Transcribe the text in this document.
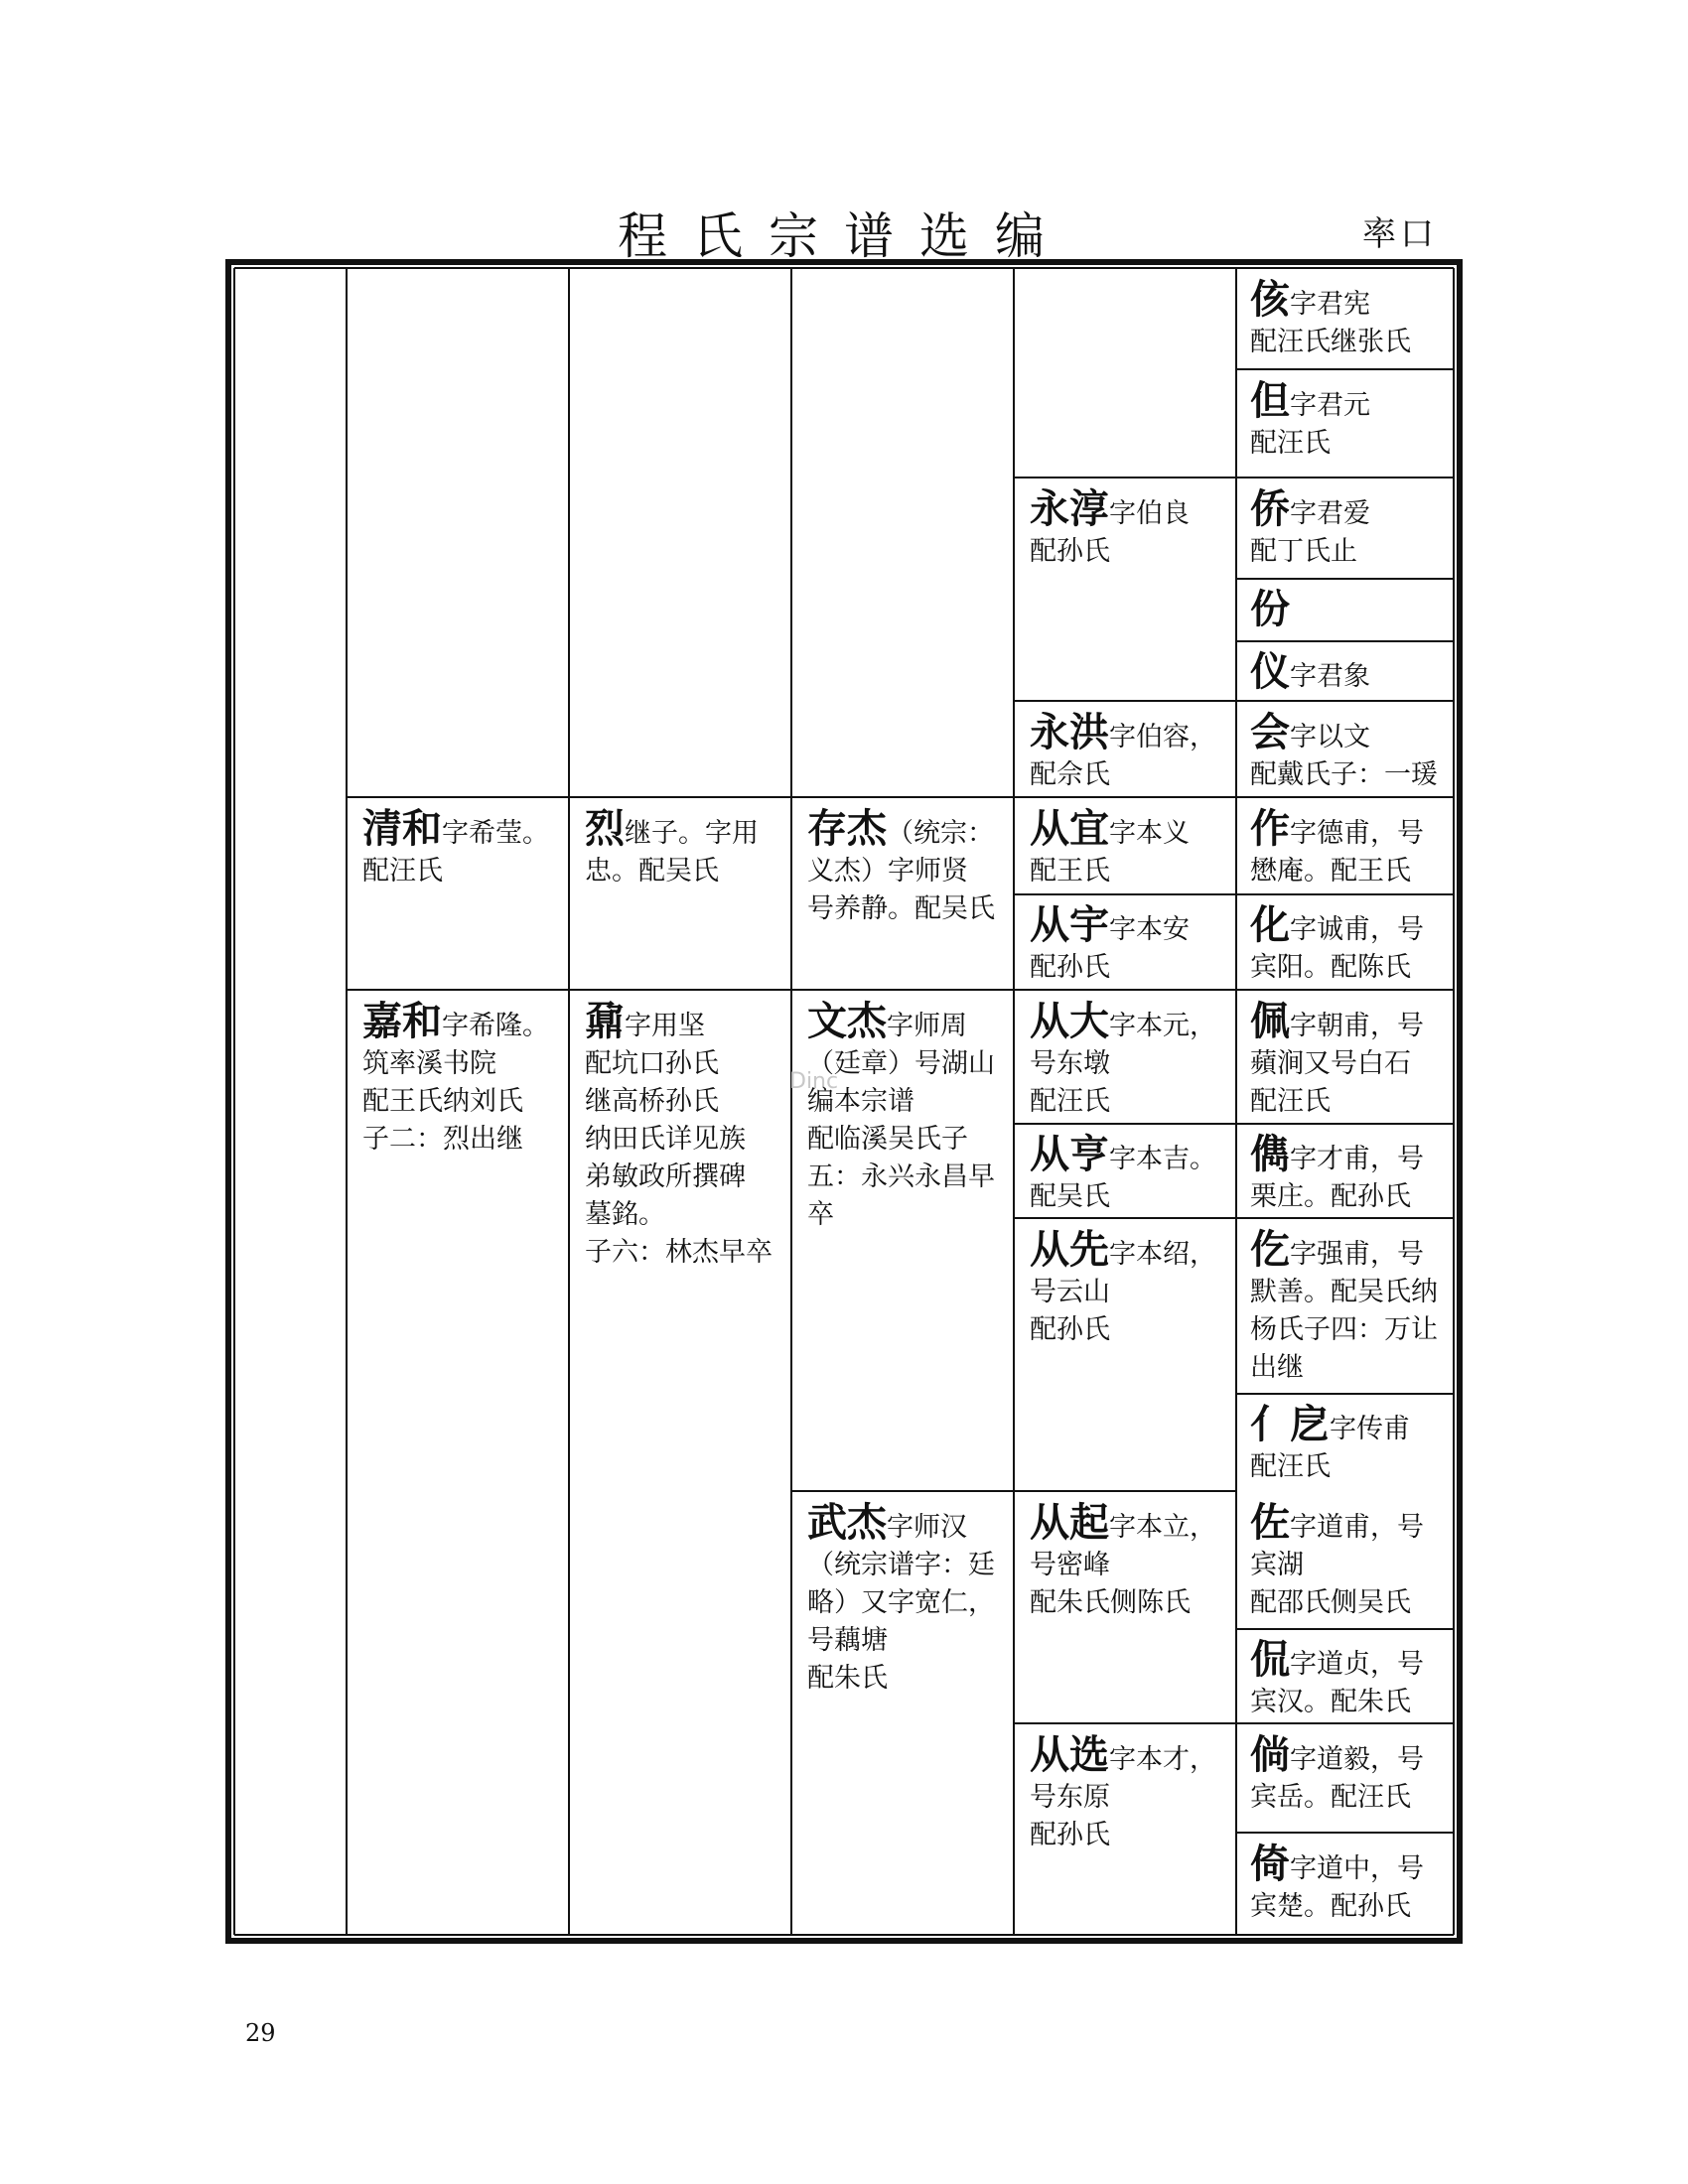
程氏宗谱选编	率口
Dinc
清和字希莹。
配汪氏
嘉和字希隆。
筑率溪书院
配王氏纳刘氏
子二：烈出继
烈继子。字用
忠。配吴氏
鼐字用坚
配坑口孙氏
继高桥孙氏
纳田氏详见族
弟敏政所撰碑
墓銘。
子六：林杰早卒
存杰（统宗：
义杰）字师贤
号养静。配吴氏
文杰字师周
（廷章）号湖山
编本宗谱
配临溪吴氏子
五：永兴永昌早
卒
武杰字师汉
（统宗谱字：廷
略）又字宽仁，
号藕塘
配朱氏
永淳字伯良
配孙氏
永洪字伯容，
配佘氏
从宜字本义
配王氏
从宇字本安
配孙氏
从大字本元，
号东墩
配汪氏
从亨字本吉。
配吴氏
从先字本绍，
号云山
配孙氏
从起字本立，
号密峰
配朱氏侧陈氏
从选字本才，
号东原
配孙氏
侅字君宪
配汪氏继张氏
但字君元
配汪氏
侨字君爱
配丁氏止
份
仪字君象
会字以文
配戴氏子：一瑗
作字德甫，号
懋庵。配王氏
化字诚甫，号
宾阳。配陈氏
佩字朝甫，号
蘋涧又号白石
配汪氏
儁字才甫，号
栗庄。配孙氏
仡字强甫，号
默善。配吴氏纳
杨氏子四：万让
出继
亻戹字传甫
配汪氏
佐字道甫，号
宾湖
配邵氏侧吴氏
侃字道贞，号
宾汉。配朱氏
倘字道毅，号
宾岳。配汪氏
倚字道中，号
宾楚。配孙氏
29
